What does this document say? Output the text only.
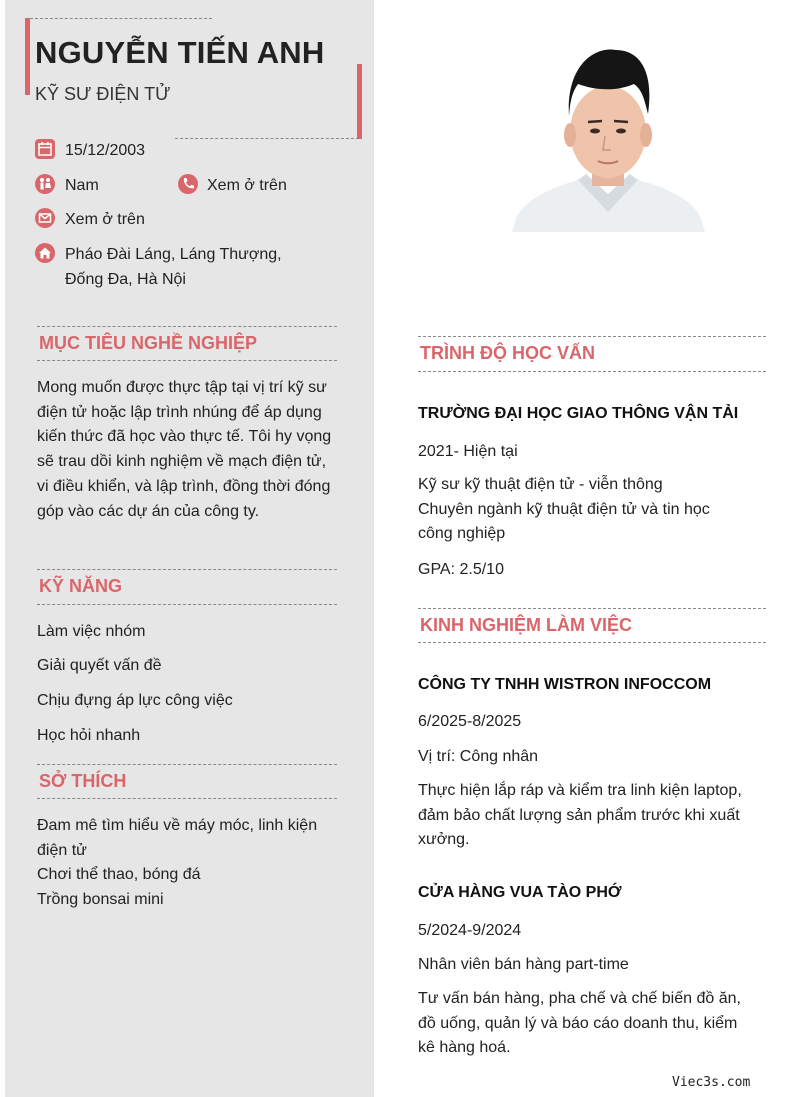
NGUYỄN TIẾN ANH
KỸ SƯ ĐIỆN TỬ
15/12/2003
Nam	Xem ở trên
Xem ở trên
Pháo Đài Láng, Láng Thượng,
Đống Đa, Hà Nội
MỤC TIÊU NGHỀ NGHIỆP
Mong muốn được thực tập tại vị trí kỹ sư
điện tử hoặc lập trình nhúng để áp dụng
kiến thức đã học vào thực tế. Tôi hy vọng
sẽ trau dồi kinh nghiệm về mạch điện tử,
vi điều khiển, và lập trình, đồng thời đóng
góp vào các dự án của công ty.
KỸ NĂNG
Làm việc nhóm
Giải quyết vấn đề
Chịu đựng áp lực công việc
Học hỏi nhanh
SỞ THÍCH
Đam mê tìm hiểu về máy móc, linh kiện
điện tử
Chơi thể thao, bóng đá
Trồng bonsai mini
TRÌNH ĐỘ HỌC VẤN
TRƯỜNG ĐẠI HỌC GIAO THÔNG VẬN TẢI
2021- Hiện tại
Kỹ sư kỹ thuật điện tử - viễn thông
Chuyên ngành kỹ thuật điện tử và tin học
công nghiệp
GPA: 2.5/10
KINH NGHIỆM LÀM VIỆC
CÔNG TY TNHH WISTRON INFOCCOM
6/2025-8/2025
Vị trí: Công nhân
Thực hiện lắp ráp và kiểm tra linh kiện laptop,
đảm bảo chất lượng sản phẩm trước khi xuất
xưởng.
CỬA HÀNG VUA TÀO PHỚ
5/2024-9/2024
Nhân viên bán hàng part-time
Tư vấn bán hàng, pha chế và chế biến đồ ăn,
đồ uống, quản lý và báo cáo doanh thu, kiểm
kê hàng hoá.
Viec3s.com
